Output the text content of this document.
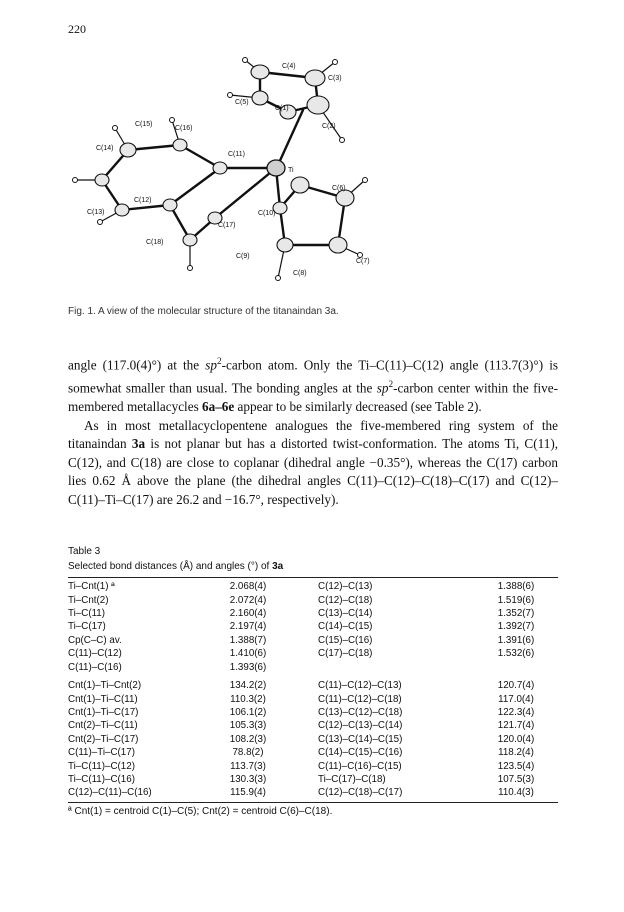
220
C(4)
C(3)
C(5)
C(1)
C(2)
C(15)
C(16)
C(14)
C(11)
Ti
C(13)
C(12)
C(6)
C(17)
C(10)
C(18)
C(9)
C(7)
C(8)
Fig. 1. A view of the molecular structure of the titanaindan 3a.

angle (117.0(4)°) at the $sp^2$-carbon atom. Only the Ti–C(11)–C(12) angle (113.7(3)°) is somewhat smaller than usual. The bonding angles at the $sp^2$-carbon center within the five-membered metallacycles 6a–6e appear to be similarly decreased (see Table 2).

As in most metallacyclopentene analogues the five-membered ring system of the titanaindan 3a is not planar but has a distorted twist-conformation. The atoms Ti, C(11), C(12), and C(18) are close to coplanar (dihedral angle −0.35°), whereas the C(17) carbon lies 0.62 Å above the plane (the dihedral angles C(11)–C(12)–C(18)–C(17) and C(12)–C(11)–Ti–C(17) are 26.2 and −16.7°, respectively).

Table 3
Selected bond distances (Å) and angles (°) of 3a
Ti–Cnt(1) ª	2.068(4)	C(12)–C(13)	1.388(6)
Ti–Cnt(2)	2.072(4)	C(12)–C(18)	1.519(6)
Ti–C(11)	2.160(4)	C(13)–C(14)	1.352(7)
Ti–C(17)	2.197(4)	C(14)–C(15)	1.392(7)
Cp(C–C) av.	1.388(7)	C(15)–C(16)	1.391(6)
C(11)–C(12)	1.410(6)	C(17)–C(18)	1.532(6)
C(11)–C(16)	1.393(6)
Cnt(1)–Ti–Cnt(2)	134.2(2)	C(11)–C(12)–C(13)	120.7(4)
Cnt(1)–Ti–C(11)	110.3(2)	C(11)–C(12)–C(18)	117.0(4)
Cnt(1)–Ti–C(17)	106.1(2)	C(13)–C(12)–C(18)	122.3(4)
Cnt(2)–Ti–C(11)	105.3(3)	C(12)–C(13)–C(14)	121.7(4)
Cnt(2)–Ti–C(17)	108.2(3)	C(13)–C(14)–C(15)	120.0(4)
C(11)–Ti–C(17)	78.8(2)	C(14)–C(15)–C(16)	118.2(4)
Ti–C(11)–C(12)	113.7(3)	C(11)–C(16)–C(15)	123.5(4)
Ti–C(11)–C(16)	130.3(3)	Ti–C(17)–C(18)	107.5(3)
C(12)–C(11)–C(16)	115.9(4)	C(12)–C(18)–C(17)	110.4(3)
ª Cnt(1) = centroid C(1)–C(5); Cnt(2) = centroid C(6)–C(18).
